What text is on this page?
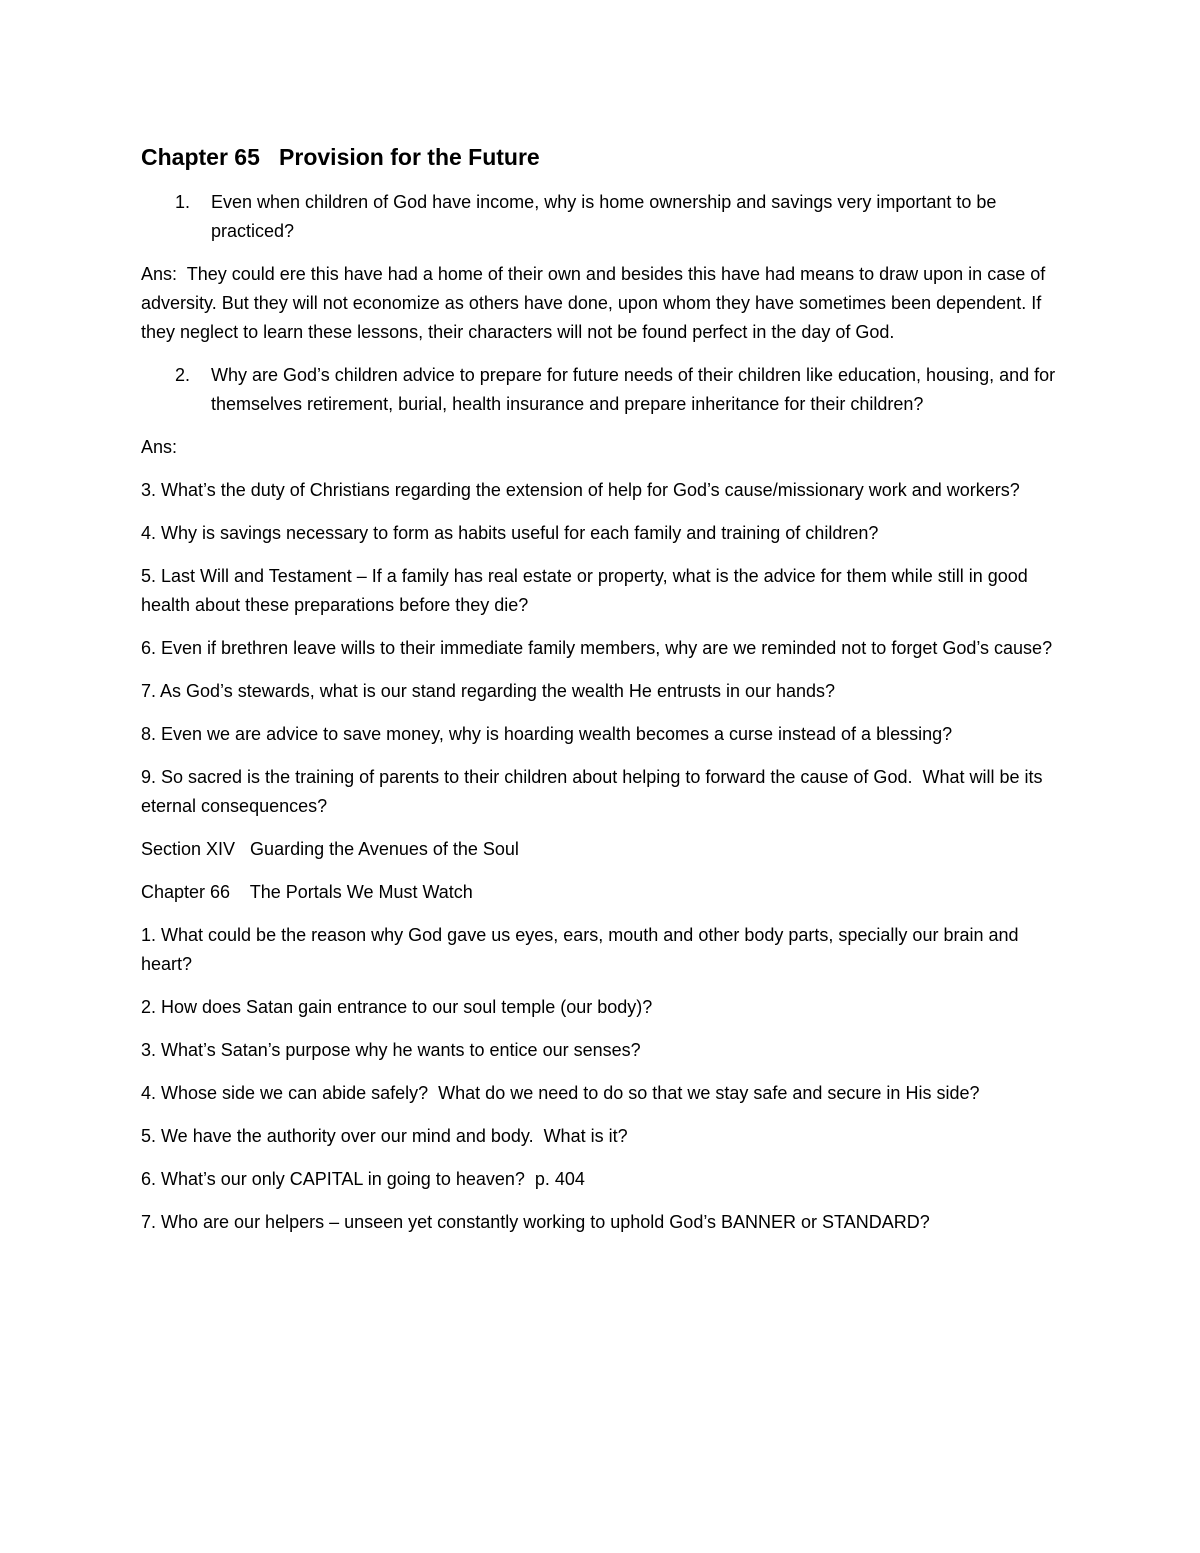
Chapter 65   Provision for the Future
1. Even when children of God have income, why is home ownership and savings very important to be practiced?
Ans:  They could ere this have had a home of their own and besides this have had means to draw upon in case of adversity. But they will not economize as others have done, upon whom they have sometimes been dependent. If they neglect to learn these lessons, their characters will not be found perfect in the day of God.
2. Why are God’s children advice to prepare for future needs of their children like education, housing, and for themselves retirement, burial, health insurance and prepare inheritance for their children?
Ans:
3. What’s the duty of Christians regarding the extension of help for God’s cause/missionary work and workers?
4. Why is savings necessary to form as habits useful for each family and training of children?
5. Last Will and Testament – If a family has real estate or property, what is the advice for them while still in good health about these preparations before they die?
6. Even if brethren leave wills to their immediate family members, why are we reminded not to forget God’s cause?
7. As God’s stewards, what is our stand regarding the wealth He entrusts in our hands?
8. Even we are advice to save money, why is hoarding wealth becomes a curse instead of a blessing?
9. So sacred is the training of parents to their children about helping to forward the cause of God.  What will be its eternal consequences?
Section XIV   Guarding the Avenues of the Soul
Chapter 66    The Portals We Must Watch
1. What could be the reason why God gave us eyes, ears, mouth and other body parts, specially our brain and heart?
2. How does Satan gain entrance to our soul temple (our body)?
3. What’s Satan’s purpose why he wants to entice our senses?
4. Whose side we can abide safely?  What do we need to do so that we stay safe and secure in His side?
5. We have the authority over our mind and body.  What is it?
6. What’s our only CAPITAL in going to heaven?  p. 404
7. Who are our helpers – unseen yet constantly working to uphold God’s BANNER or STANDARD?
